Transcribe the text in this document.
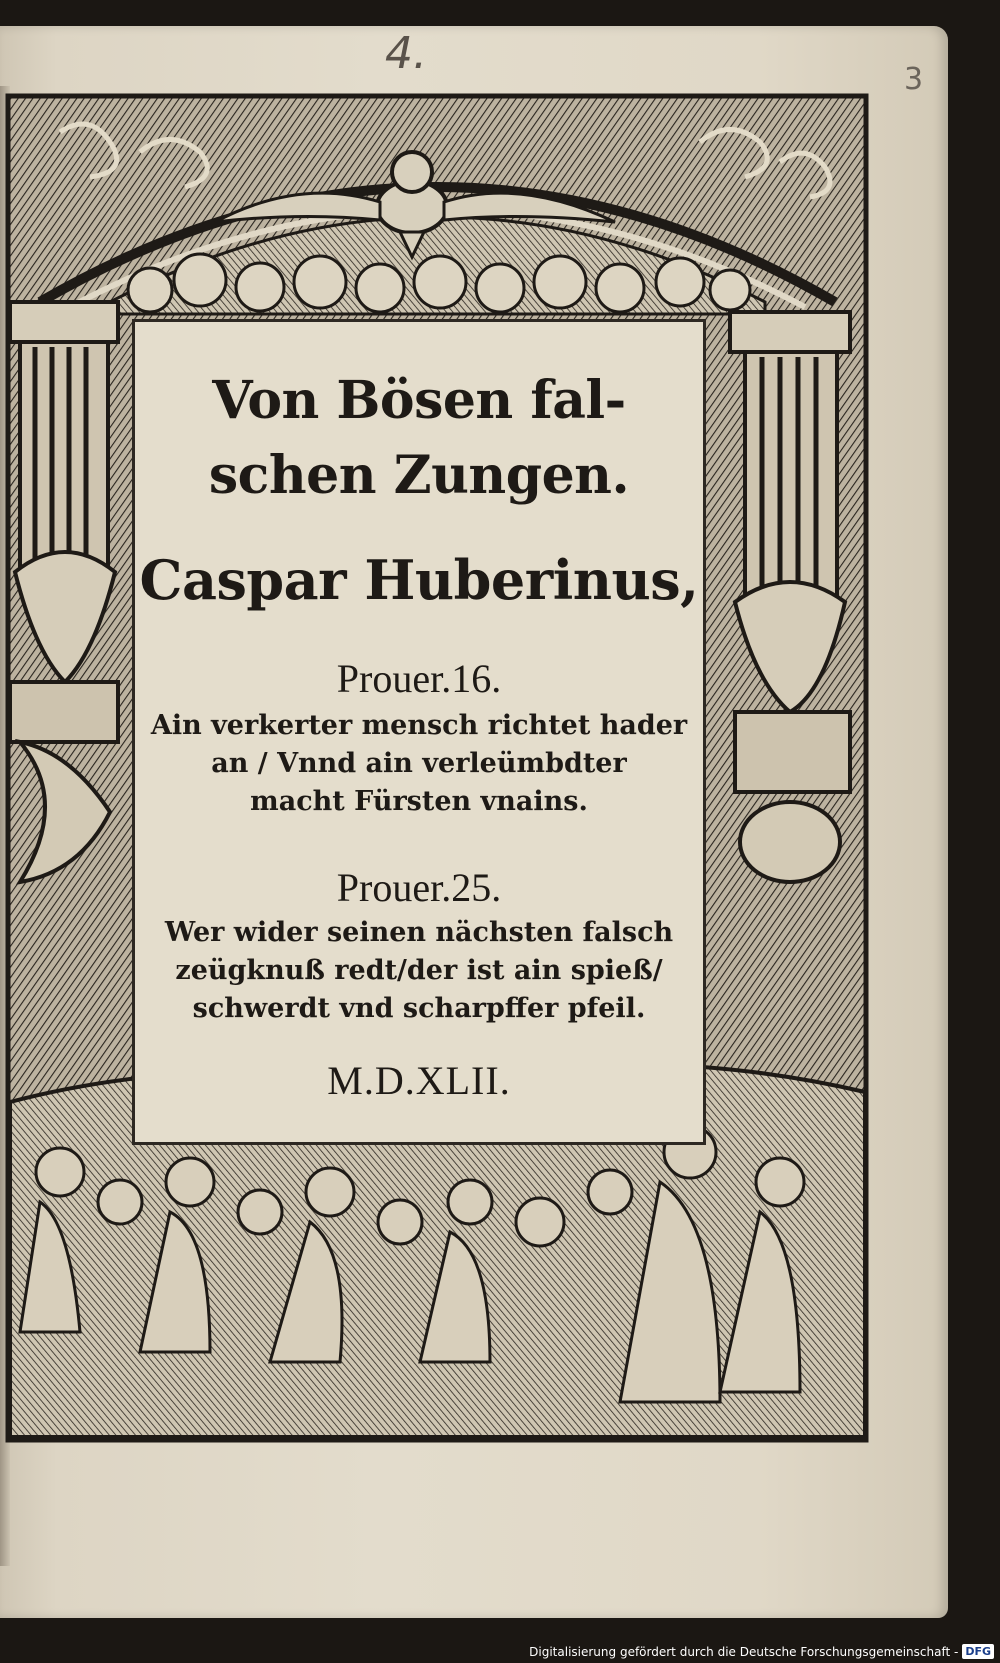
4.
3
Von Bösen fal-
schen Zungen.
Caspar Huberinus,
Prouer.16.
Ain verkerter mensch richtet hader
an / Vnnd ain verleümbdter
macht Fürsten vnains.
Prouer.25.
Wer wider seinen nächsten falsch
zeügknuß redt/der ist ain spieß/
schwerdt vnd scharpffer pfeil.
M.D.XLII.
Digitalisierung gefördert durch die Deutsche Forschungsgemeinschaft - DFG
